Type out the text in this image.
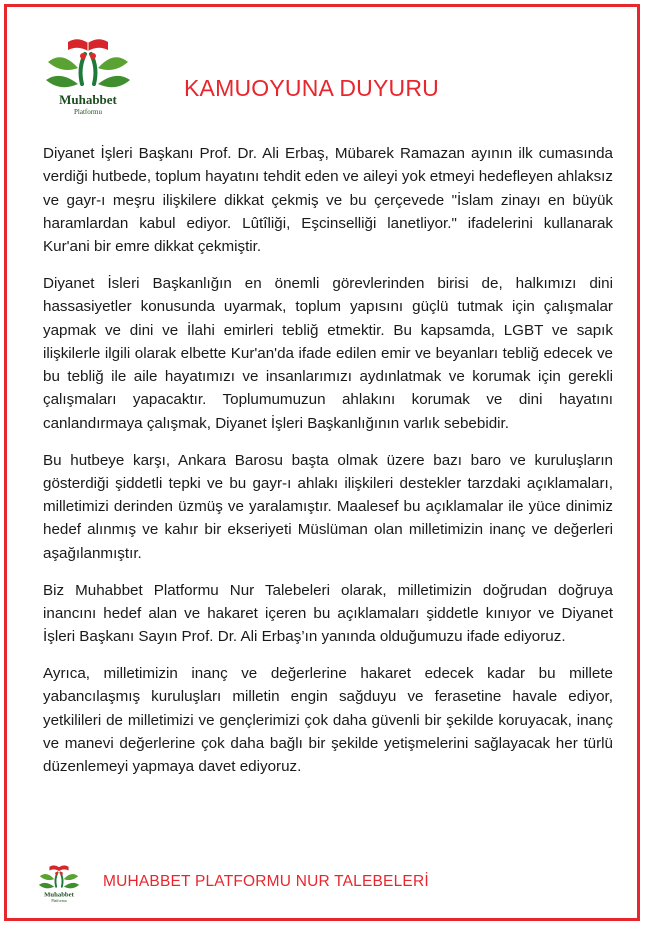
Muhabbet
Platformu
KAMUOYUNA DUYURU

Diyanet İşleri Başkanı Prof. Dr. Ali Erbaş, Mübarek Ramazan ayının ilk cumasında verdiği hutbede, toplum hayatını tehdit eden ve aileyi yok etmeyi hedefleyen ahlaksız ve gayr-ı meşru ilişkilere dikkat çekmiş ve bu çerçevede "İslam zinayı en büyük haramlardan kabul ediyor. Lûtîliği, Eşcinselliği lanetliyor." ifadelerini kullanarak Kur'ani bir emre dikkat çekmiştir.

Diyanet İsleri Başkanlığın en önemli görevlerinden birisi de, halkımızı dini hassasiyetler konusunda uyarmak, toplum yapısını güçlü tutmak için çalışmalar yapmak ve dini ve İlahi emirleri tebliğ etmektir. Bu kapsamda, LGBT ve sapık ilişkilerle ilgili olarak elbette Kur'an'da ifade edilen emir ve beyanları tebliğ edecek ve bu tebliğ ile aile hayatımızı ve insanlarımızı aydınlatmak ve korumak için gerekli çalışmaları yapacaktır. Toplumumuzun ahlakını korumak ve dini hayatını canlandırmaya çalışmak, Diyanet İşleri Başkanlığının varlık sebebidir.

Bu hutbeye karşı, Ankara Barosu başta olmak üzere bazı baro ve kuruluşların gösterdiği şiddetli tepki ve bu gayr-ı ahlakı ilişkileri destekler tarzdaki açıklamaları, milletimizi derinden üzmüş ve yaralamıştır. Maalesef bu açıklamalar ile yüce dinimiz hedef alınmış ve kahır bir ekseriyeti Müslüman olan milletimizin inanç ve değerleri aşağılanmıştır.

Biz Muhabbet Platformu Nur Talebeleri olarak, milletimizin doğrudan doğruya inancını hedef alan ve hakaret içeren bu açıklamaları şiddetle kınıyor ve Diyanet İşleri Başkanı Sayın Prof. Dr. Ali Erbaş’ın yanında olduğumuzu ifade ediyoruz.

Ayrıca, milletimizin inanç ve değerlerine hakaret edecek kadar bu millete yabancılaşmış kuruluşları milletin engin sağduyu ve ferasetine havale ediyor, yetkilileri de milletimizi ve gençlerimizi çok daha güvenli bir şekilde koruyacak, inanç ve manevi değerlerine çok daha bağlı bir şekilde yetişmelerini sağlayacak her türlü düzenlemeyi yapmaya davet ediyoruz.

Muhabbet
Platformu
MUHABBET PLATFORMU NUR TALEBELERİ
